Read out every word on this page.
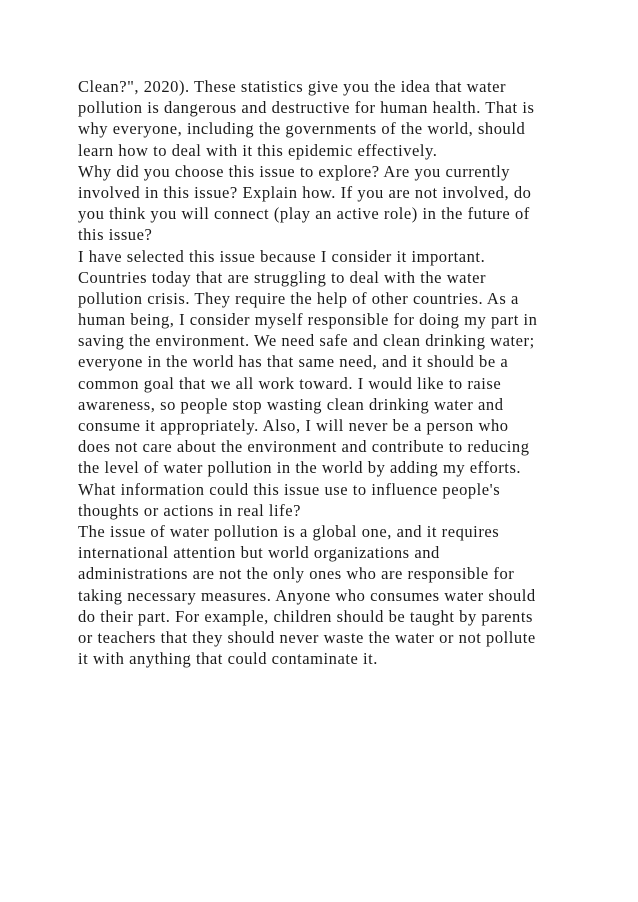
Clean?", 2020). These statistics give you the idea that water
pollution is dangerous and destructive for human health. That is
why everyone, including the governments of the world, should
learn how to deal with it this epidemic effectively.
Why did you choose this issue to explore? Are you currently
involved in this issue? Explain how. If you are not involved, do
you think you will connect (play an active role) in the future of
this issue?
I have selected this issue because I consider it important.
Countries today that are struggling to deal with the water
pollution crisis. They require the help of other countries. As a
human being, I consider myself responsible for doing my part in
saving the environment. We need safe and clean drinking water;
everyone in the world has that same need, and it should be a
common goal that we all work toward. I would like to raise
awareness, so people stop wasting clean drinking water and
consume it appropriately. Also, I will never be a person who
does not care about the environment and contribute to reducing
the level of water pollution in the world by adding my efforts.
What information could this issue use to influence people's
thoughts or actions in real life?
The issue of water pollution is a global one, and it requires
international attention but world organizations and
administrations are not the only ones who are responsible for
taking necessary measures. Anyone who consumes water should
do their part. For example, children should be taught by parents
or teachers that they should never waste the water or not pollute
it with anything that could contaminate it.
